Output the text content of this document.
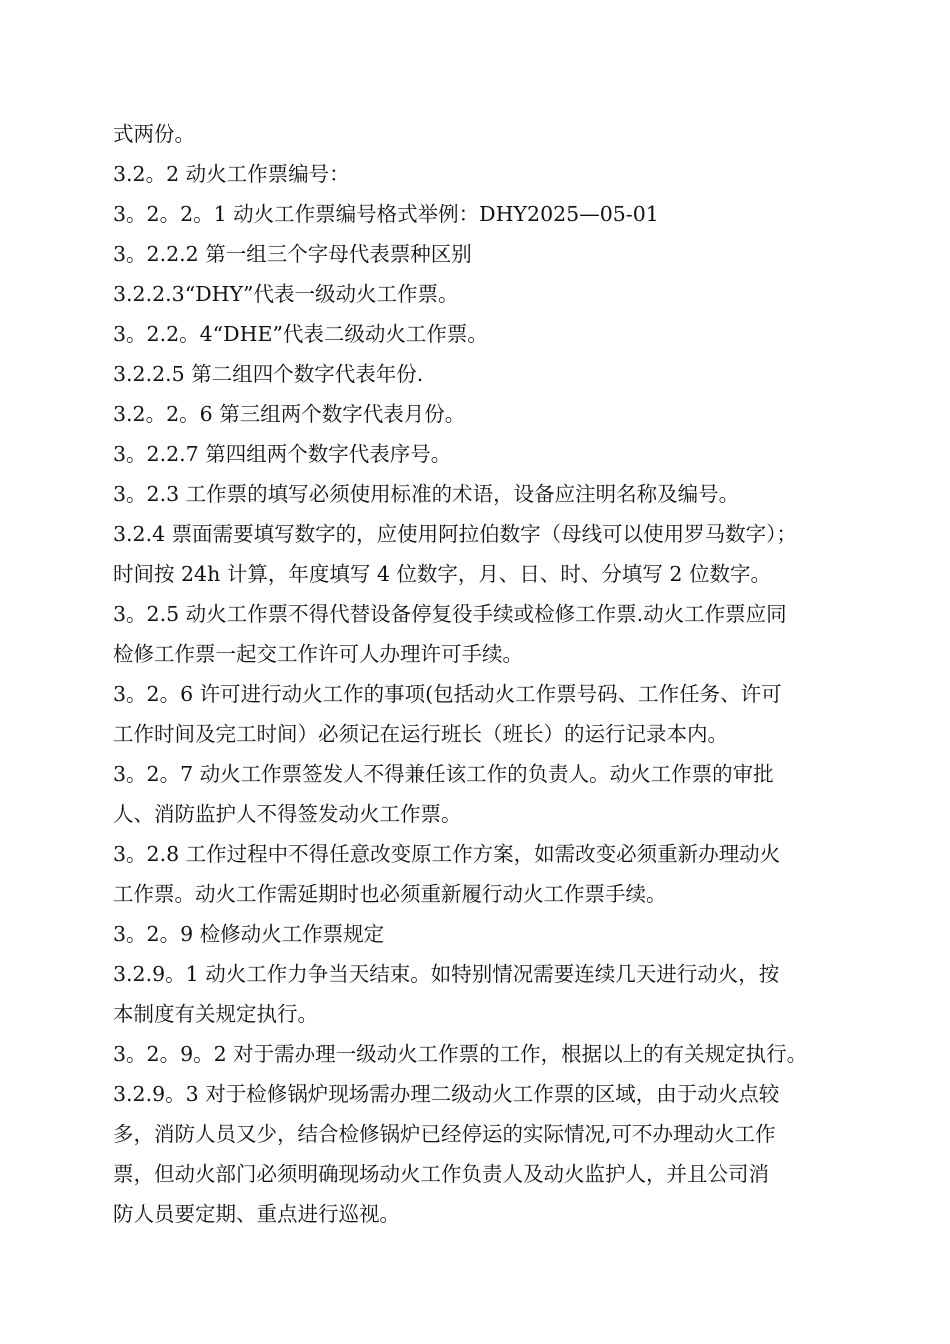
式两份。
3.2。2 动火工作票编号：
3。2。2。1 动火工作票编号格式举例：DHY2025—05-01
3。2.2.2 第一组三个字母代表票种区别
3.2.2.3“DHY”代表一级动火工作票。
3。2.2。4“DHE”代表二级动火工作票。
3.2.2.5 第二组四个数字代表年份.
3.2。2。6 第三组两个数字代表月份。
3。2.2.7 第四组两个数字代表序号。
3。2.3 工作票的填写必须使用标准的术语，设备应注明名称及编号。
3.2.4 票面需要填写数字的，应使用阿拉伯数字（母线可以使用罗马数字）；
时间按 24h 计算，年度填写 4 位数字，月、日、时、分填写 2 位数字。
3。2.5 动火工作票不得代替设备停复役手续或检修工作票.动火工作票应同
检修工作票一起交工作许可人办理许可手续。
3。2。6 许可进行动火工作的事项(包括动火工作票号码、工作任务、许可
工作时间及完工时间）必须记在运行班长（班长）的运行记录本内。
3。2。7 动火工作票签发人不得兼任该工作的负责人。动火工作票的审批
人、消防监护人不得签发动火工作票。
3。2.8 工作过程中不得任意改变原工作方案，如需改变必须重新办理动火
工作票。动火工作需延期时也必须重新履行动火工作票手续。
3。2。9 检修动火工作票规定
3.2.9。1 动火工作力争当天结束。如特别情况需要连续几天进行动火，按
本制度有关规定执行。
3。2。9。2 对于需办理一级动火工作票的工作，根据以上的有关规定执行。
3.2.9。3 对于检修锅炉现场需办理二级动火工作票的区域，由于动火点较
多，消防人员又少，结合检修锅炉已经停运的实际情况,可不办理动火工作
票，但动火部门必须明确现场动火工作负责人及动火监护人，并且公司消
防人员要定期、重点进行巡视。
